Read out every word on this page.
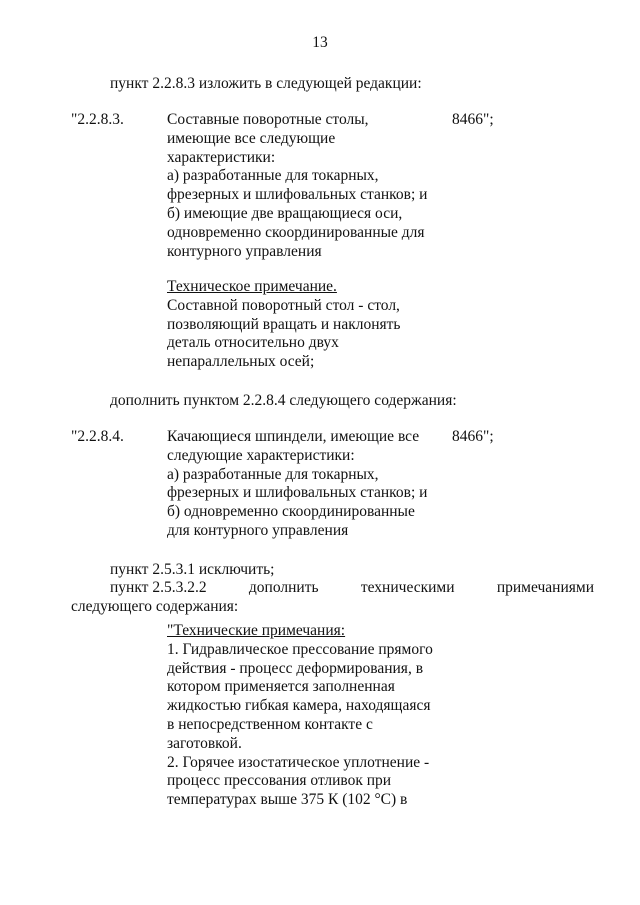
13
пункт 2.2.8.3 изложить в следующей редакции:
"2.2.8.3.	Составные поворотные столы,
имеющие все следующие
характеристики:
а) разработанные для токарных,
фрезерных и шлифовальных станков; и
б) имеющие две вращающиеся оси,
одновременно скоординированные для
контурного управления
8466";
Техническое примечание.
Составной поворотный стол - стол,
позволяющий вращать и наклонять
деталь относительно двух
непараллельных осей;
дополнить пунктом 2.2.8.4 следующего содержания:
"2.2.8.4.	Качающиеся шпиндели, имеющие все
следующие характеристики:
а) разработанные для токарных,
фрезерных и шлифовальных станков; и
б) одновременно скоординированные
для контурного управления
8466";
пункт 2.5.3.1 исключить;
пункт 2.5.3.2.2	дополнить	техническими	примечаниями
следующего содержания:
"Технические примечания:
1. Гидравлическое прессование прямого
действия - процесс деформирования, в
котором применяется заполненная
жидкостью гибкая камера, находящаяся
в непосредственном контакте с
заготовкой.
2. Горячее изостатическое уплотнение -
процесс прессования отливок при
температурах выше 375 К (102 °С) в
